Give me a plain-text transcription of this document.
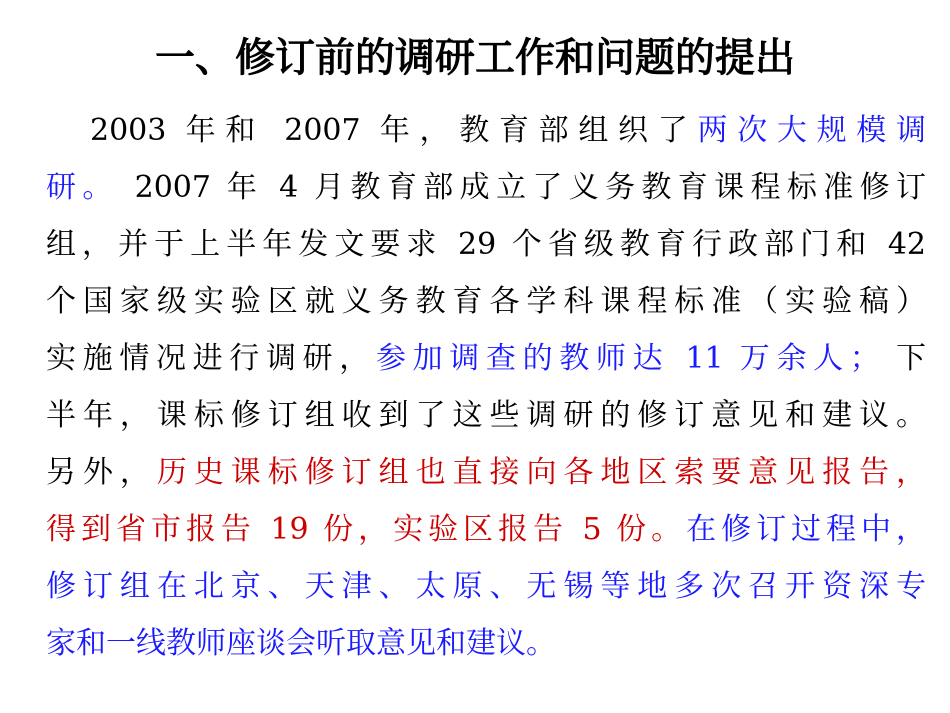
一、修订前的调研工作和问题的提出
2003 年和 2007 年，教育部组织了两次大规模调
研。 2007 年 4 月教育部成立了义务教育课程标准修订
组，并于上半年发文要求 29 个省级教育行政部门和 42
个国家级实验区就义务教育各学科课程标准（实验稿）
实施情况进行调研，参加调查的教师达 11 万余人； 下
半年，课标修订组收到了这些调研的修订意见和建议。
另外，历史课标修订组也直接向各地区索要意见报告，
得到省市报告 19 份，实验区报告 5 份。在修订过程中，
修订组在北京、天津、太原、无锡等地多次召开资深专
家和一线教师座谈会听取意见和建议。
